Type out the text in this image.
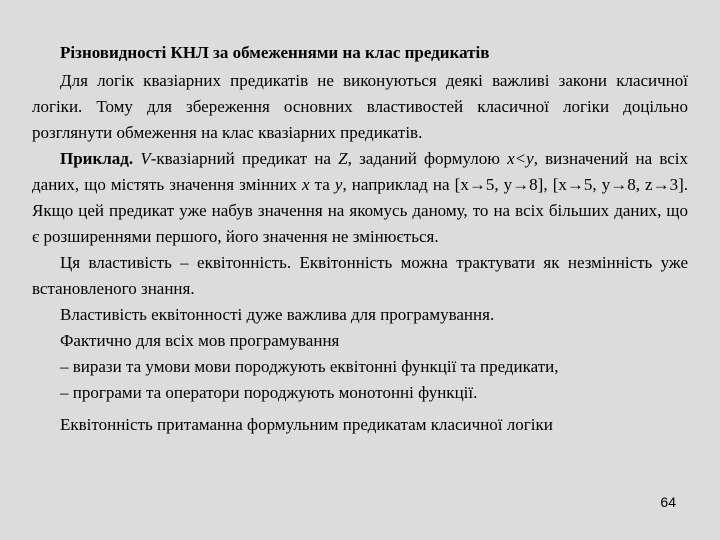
Різновидності КНЛ за обмеженнями на клас предикатів

Для логік квазіарних предикатів не виконуються деякі важливі закони класичної логіки. Тому для збереження основних властивостей класичної логіки доцільно розглянути обмеження на клас квазіарних предикатів.

Приклад. V-квазіарний предикат на Z, заданий формулою x<y, визначений на всіх даних, що містять значення змінних x та y, наприклад на [x→5, y→8], [x→5, y→8, z→3]. Якщо цей предикат уже набув значення на якомусь даному, то на всіх більших даних, що є розширеннями першого, його значення не змінюється.

Ця властивість – еквітонність. Еквітонність можна трактувати як незмінність уже встановленого знання.

Властивість еквітонності дуже важлива для програмування.

Фактично для всіх мов програмування

– вирази та умови мови породжують еквітонні функції та предикати,

– програми та оператори породжують монотонні функції.

Еквітонність притаманна формульним предикатам класичної логіки

64
